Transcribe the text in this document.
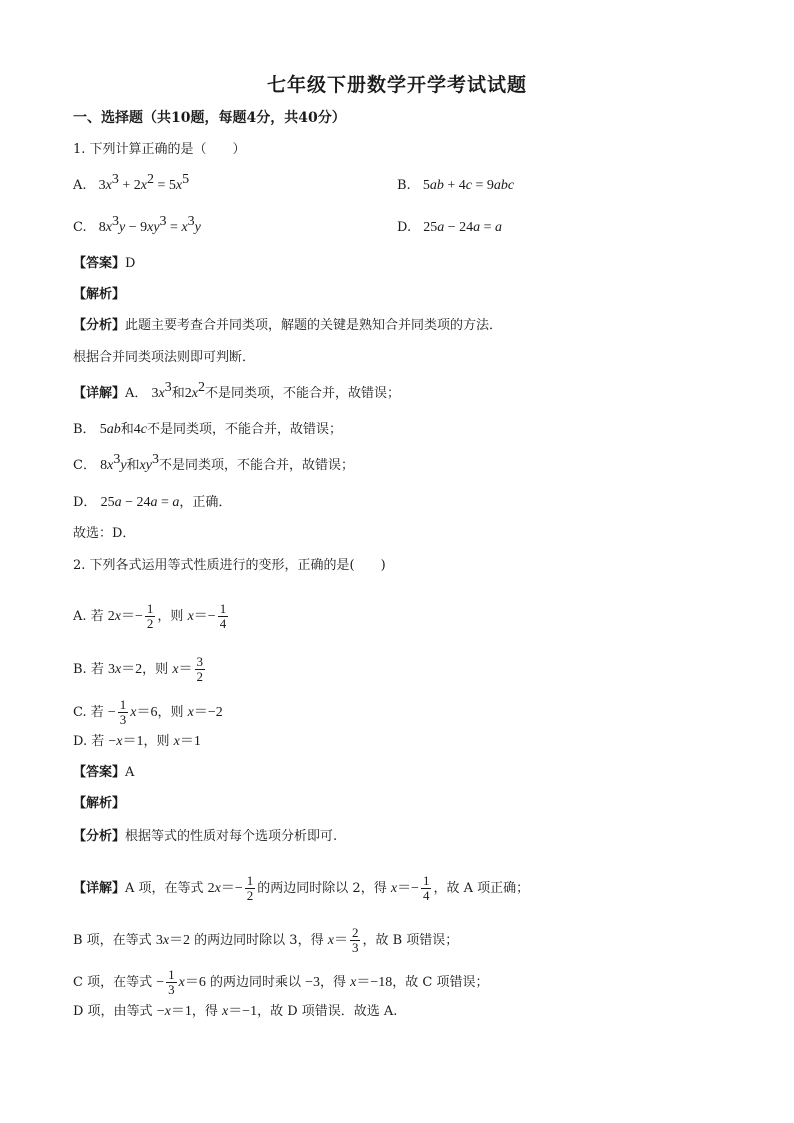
七年级下册数学开学考试试题
一、选择题（共10题，每题4分，共40分）
1. 下列计算正确的是（　　）
A. $3x^3 + 2x^2 = 5x^5$	B. 5ab + 4c = 9abc
C. $8x^3y - 9xy^3 = x^3y$	D. 25a − 24a = a
【答案】D
【解析】
【分析】此题主要考查合并同类项，解题的关键是熟知合并同类项的方法．
根据合并同类项法则即可判断．
【详解】A． $3x^3$和$2x^2$不是同类项，不能合并，故错误；
B． 5ab和4c不是同类项，不能合并，故错误；
C． $8x^3y$和$xy^3$不是同类项，不能合并，故错误；
D． 25a − 24a = a，正确．
故选：D．
2. 下列各式运用等式性质进行的变形，正确的是(　　)
A. 若 $2x=- \frac{1}{2}$ ，则 $x=- \frac{1}{4}$
B. 若 3x＝2，则 $x= \frac{3}{2}$
C. 若 − $\frac{1}{3} x=6$，则 x＝−2
D. 若 −x＝1，则 x＝1
【答案】A
【解析】
【分析】根据等式的性质对每个选项分析即可.
【详解】A 项，在等式 $2x=- \frac{1}{2}$ 的两边同时除以 2，得 $x=- \frac{1}{4}$ ，故 A 项正确；
B 项，在等式 3x＝2 的两边同时除以 3，得 $x= \frac{2}{3}$ ，故 B 项错误；
C 项，在等式 − $\frac{1}{3} x=6$ 的两边同时乘以 −3，得 x＝−18，故 C 项错误；
D 项，由等式 −x＝1，得 x＝−1，故 D 项错误．故选 A.
